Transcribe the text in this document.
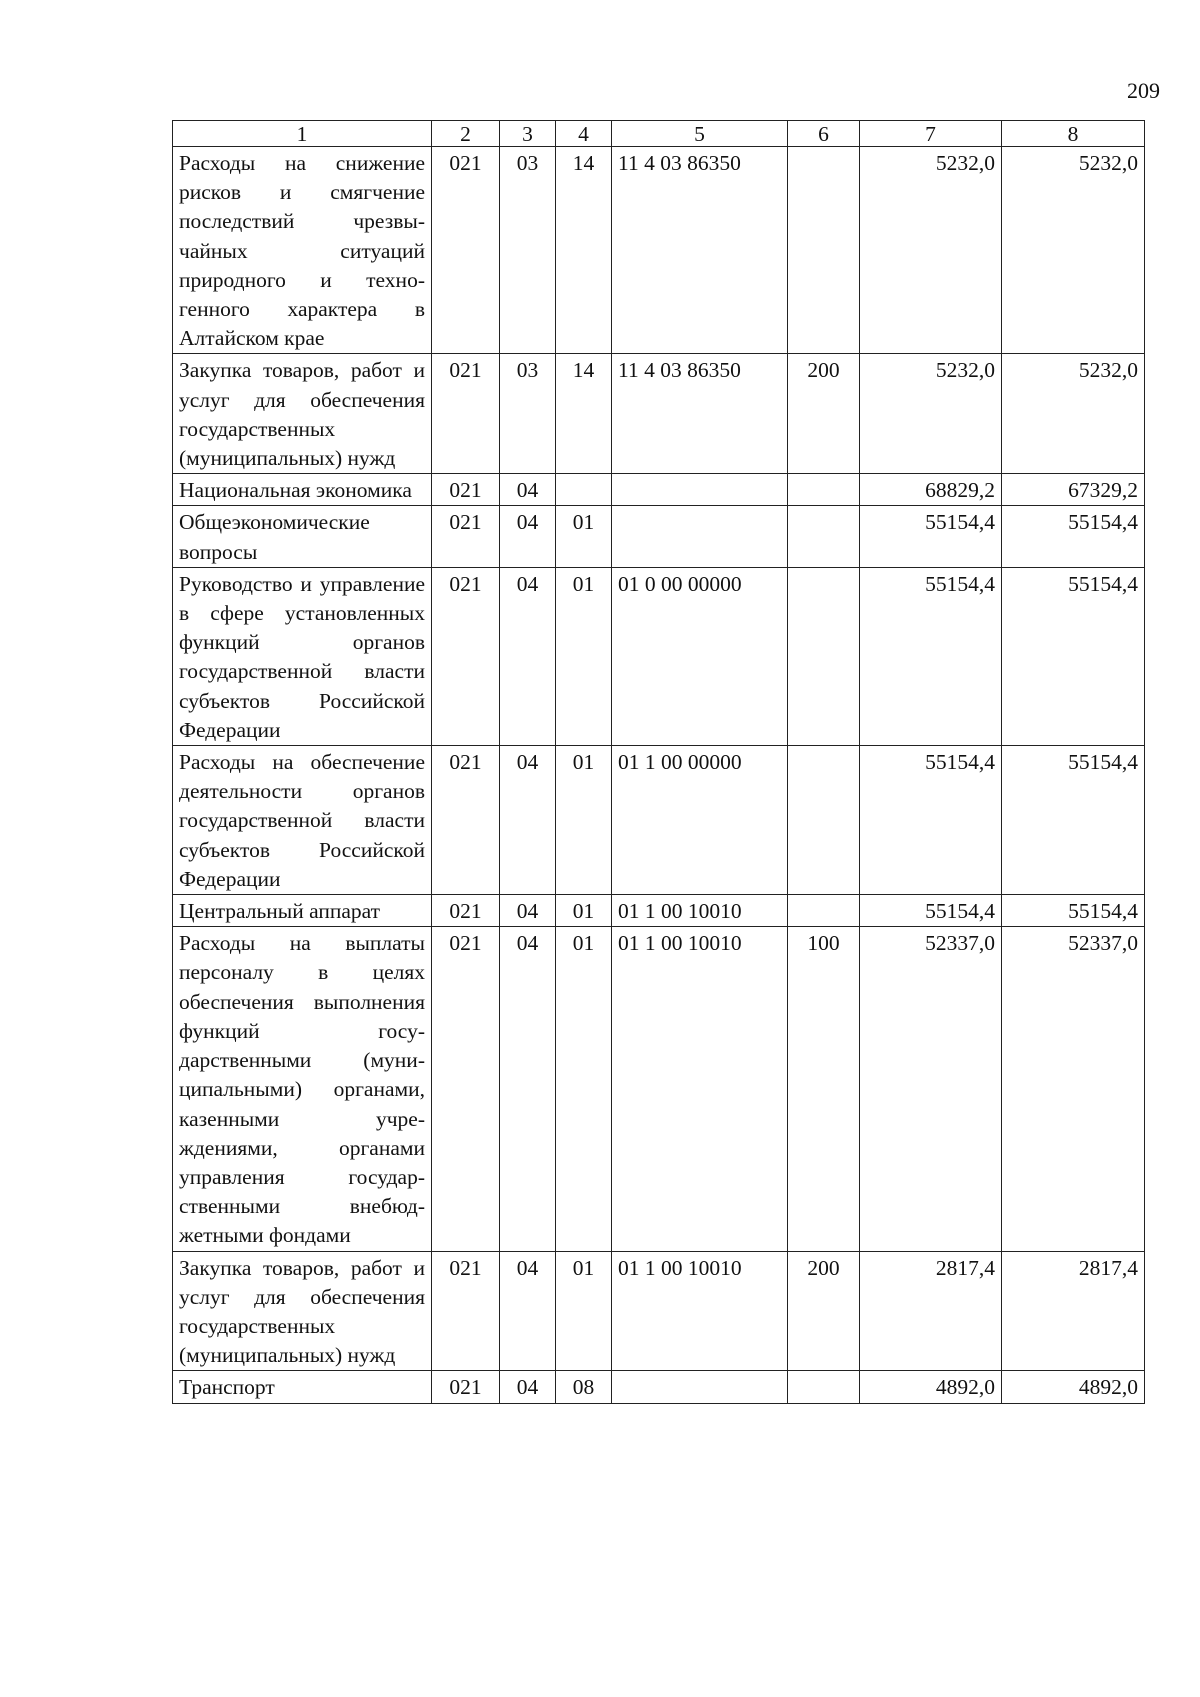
209
1	2	3	4	5	6	7	8
Расходы на снижение рисков и смягчение последствий чрезвычайных ситуаций природного и техногенного характера в Алтайском крае	021	03	14	11 4 03 86350		5232,0	5232,0
Закупка товаров, работ и услуг для обеспечения государственных (муниципальных) нужд	021	03	14	11 4 03 86350	200	5232,0	5232,0
Национальная экономика	021	04				68829,2	67329,2
Общеэкономические вопросы	021	04	01			55154,4	55154,4
Руководство и управление в сфере установленных функций органов государственной власти субъектов Российской Федерации	021	04	01	01 0 00 00000		55154,4	55154,4
Расходы на обеспечение деятельности органов государственной власти субъектов Российской Федерации	021	04	01	01 1 00 00000		55154,4	55154,4
Центральный аппарат	021	04	01	01 1 00 10010		55154,4	55154,4
Расходы на выплаты персоналу в целях обеспечения выполнения функций государственными (муниципальными) органами, казенными учреждениями, органами управления государственными внебюджетными фондами	021	04	01	01 1 00 10010	100	52337,0	52337,0
Закупка товаров, работ и услуг для обеспечения государственных (муниципальных) нужд	021	04	01	01 1 00 10010	200	2817,4	2817,4
Транспорт	021	04	08			4892,0	4892,0
